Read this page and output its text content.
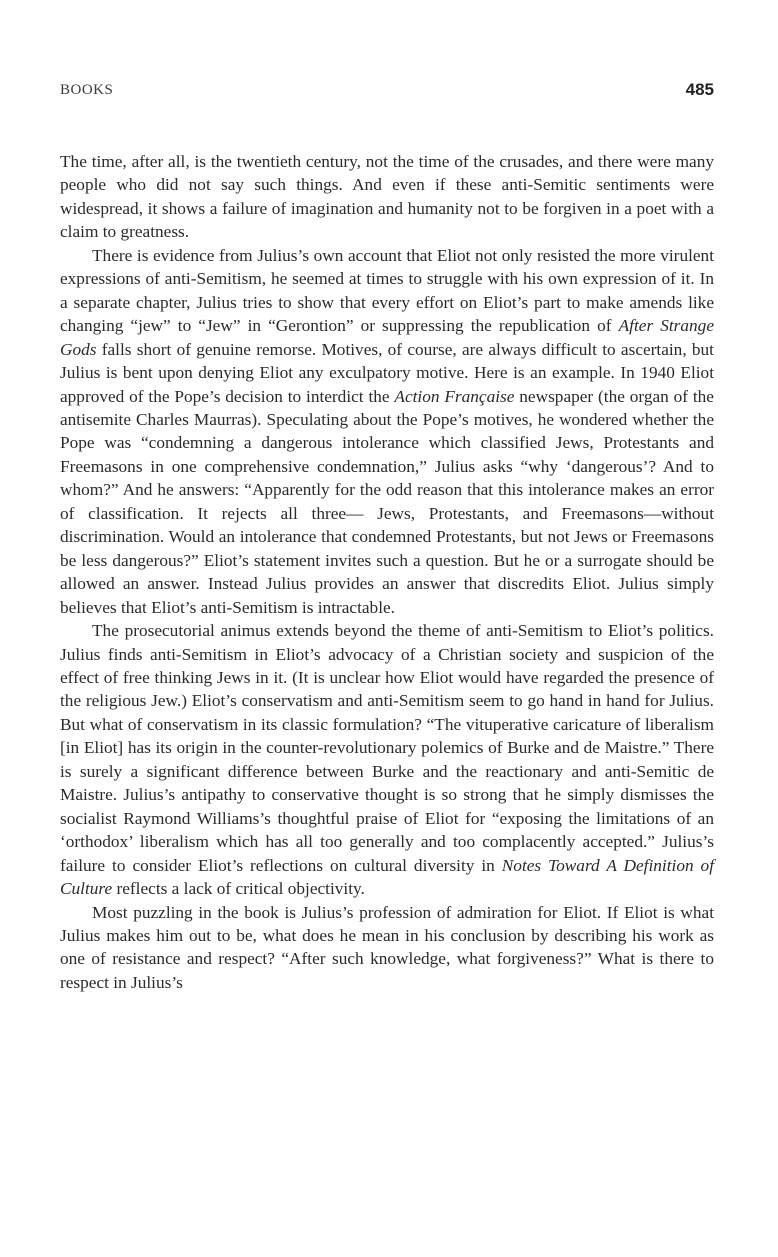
BOOKS	485

The time, after all, is the twentieth century, not the time of the crusades, and there were many people who did not say such things. And even if these anti-Semitic sentiments were widespread, it shows a failure of imagination and humanity not to be forgiven in a poet with a claim to greatness.

There is evidence from Julius’s own account that Eliot not only resisted the more virulent expressions of anti-Semitism, he seemed at times to struggle with his own expression of it. In a separate chapter, Julius tries to show that every effort on Eliot’s part to make amends like changing “jew” to “Jew” in “Gerontion” or suppressing the republication of After Strange Gods falls short of genuine remorse. Motives, of course, are always difficult to ascertain, but Julius is bent upon denying Eliot any exculpatory motive. Here is an example. In 1940 Eliot approved of the Pope’s decision to interdict the Action Française newspaper (the organ of the antisemite Charles Maurras). Speculating about the Pope’s motives, he wondered whether the Pope was “condemning a dangerous intolerance which classified Jews, Protestants and Freemasons in one comprehensive condemnation,” Julius asks “why ‘dangerous’? And to whom?” And he answers: “Apparently for the odd reason that this intolerance makes an error of classification. It rejects all three— Jews, Protestants, and Freemasons—without discrimination. Would an intolerance that condemned Protestants, but not Jews or Freemasons be less dangerous?” Eliot’s statement invites such a question. But he or a surrogate should be allowed an answer. Instead Julius provides an answer that discredits Eliot. Julius simply believes that Eliot’s anti-Semitism is intractable.

The prosecutorial animus extends beyond the theme of anti-Semitism to Eliot’s politics. Julius finds anti-Semitism in Eliot’s advocacy of a Christian society and suspicion of the effect of free thinking Jews in it. (It is unclear how Eliot would have regarded the presence of the religious Jew.) Eliot’s conservatism and anti-Semitism seem to go hand in hand for Julius. But what of conservatism in its classic formulation? “The vituperative caricature of liberalism [in Eliot] has its origin in the counter-revolutionary polemics of Burke and de Maistre.” There is surely a significant difference between Burke and the reactionary and anti-Semitic de Maistre. Julius’s antipathy to conservative thought is so strong that he simply dismisses the socialist Raymond Williams’s thoughtful praise of Eliot for “exposing the limitations of an ‘orthodox’ liberalism which has all too generally and too complacently accepted.” Julius’s failure to consider Eliot’s reflections on cultural diversity in Notes Toward A Definition of Culture reflects a lack of critical objectivity.

Most puzzling in the book is Julius’s profession of admiration for Eliot. If Eliot is what Julius makes him out to be, what does he mean in his conclusion by describing his work as one of resistance and respect? “After such knowledge, what forgiveness?” What is there to respect in Julius’s
